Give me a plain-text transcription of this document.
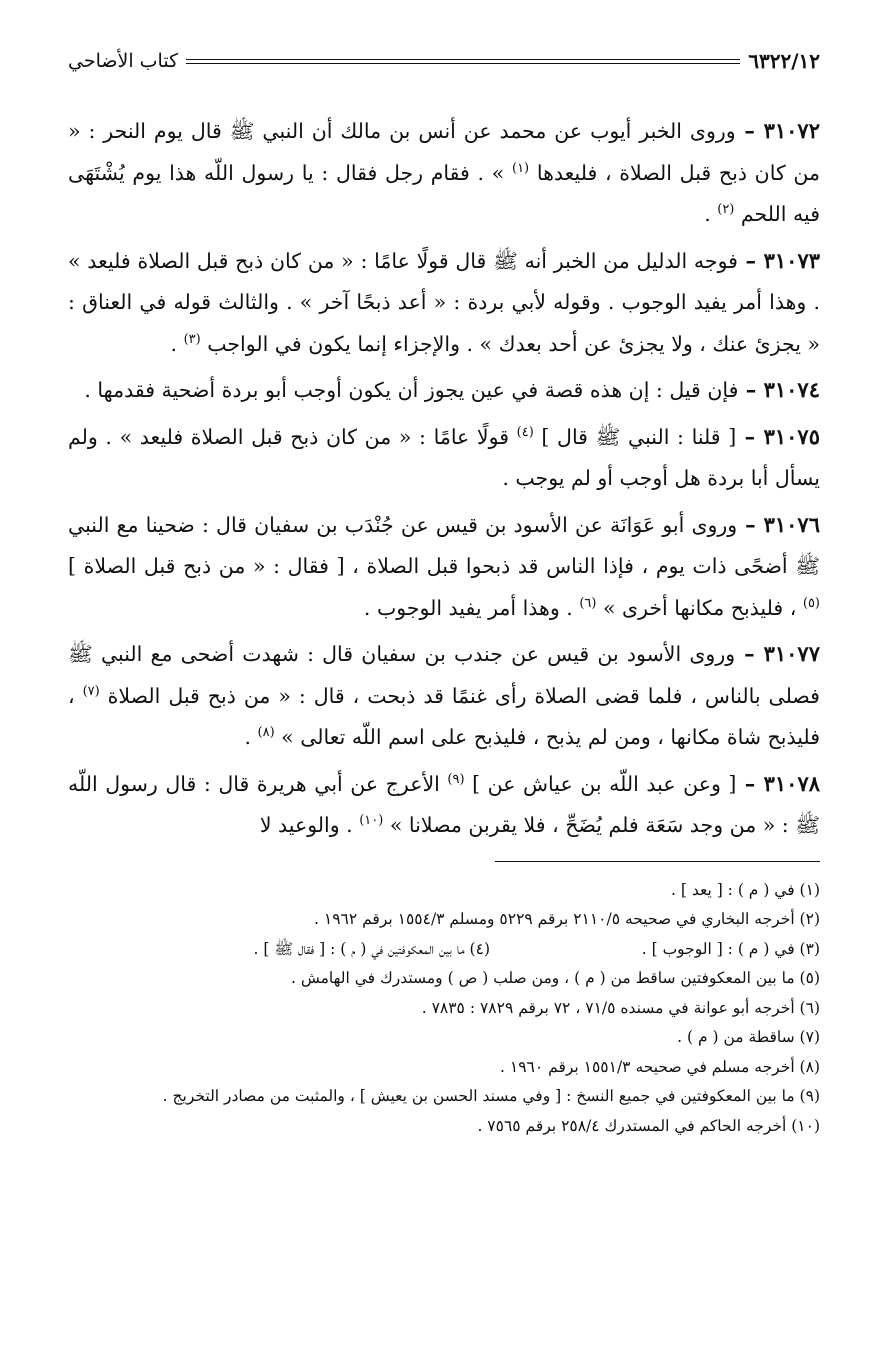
٦٣٢٢/١٢
كتاب الأضاحي

٣١٠٧٢ – وروى الخبر أيوب عن محمد عن أنس بن مالك أن النبي ﷺ قال يوم النحر : « من كان ذبح قبل الصلاة ، فليعدها $^{(١)}$ » . فقام رجل فقال : يا رسول اللّه هذا يوم يُشْتَهَى فيه اللحم $^{(٢)}$ .

٣١٠٧٣ – فوجه الدليل من الخبر أنه ﷺ قال قولًا عامًا : « من كان ذبح قبل الصلاة فليعد » . وهذا أمر يفيد الوجوب . وقوله لأبي بردة : « أعد ذبحًا آخر » . والثالث قوله في العناق : « يجزئ عنك ، ولا يجزئ عن أحد بعدك » . والإجزاء إنما يكون في الواجب $^{(٣)}$ .

٣١٠٧٤ – فإن قيل : إن هذه قصة في عين يجوز أن يكون أوجب أبو بردة أضحية فقدمها .

٣١٠٧٥ – [ قلنا : النبي ﷺ قال ] $^{(٤)}$ قولًا عامًا : « من كان ذبح قبل الصلاة فليعد » . ولم يسأل أبا بردة هل أوجب أو لم يوجب .

٣١٠٧٦ – وروى أبو عَوَانَة عن الأسود بن قيس عن جُنْدَب بن سفيان قال : ضحينا مع النبي ﷺ أضحًى ذات يوم ، فإذا الناس قد ذبحوا قبل الصلاة ، [ فقال : « من ذبح قبل الصلاة ] $^{(٥)}$ ، فليذبح مكانها أخرى » $^{(٦)}$ . وهذا أمر يفيد الوجوب .

٣١٠٧٧ – وروى الأسود بن قيس عن جندب بن سفيان قال : شهدت أضحى مع النبي ﷺ فصلى بالناس ، فلما قضى الصلاة رأى غنمًا قد ذبحت ، قال : « من ذبح قبل الصلاة $^{(٧)}$ ، فليذبح شاة مكانها ، ومن لم يذبح ، فليذبح على اسم اللّه تعالى » $^{(٨)}$ .

٣١٠٧٨ – [ وعن عبد اللّه بن عياش عن ] $^{(٩)}$ الأعرج عن أبي هريرة قال : قال رسول اللّه ﷺ : « من وجد سَعَة فلم يُضَحِّ ، فلا يقربن مصلانا » $^{(١٠)}$ . والوعيد لا

(١) في ( م ) : [ يعد ] .
(٢) أخرجه البخاري في صحيحه ٢١١٠/٥ برقم ٥٢٢٩ ومسلم ١٥٥٤/٣ برقم ١٩٦٢ .
(٣) في ( م ) : [ الوجوب ] .
(٤) ما بين المعكوفتين في ( م ) : [ فقال ﷺ ] .
(٥) ما بين المعكوفتين ساقط من ( م ) ، ومن صلب ( ص ) ومستدرك في الهامش .
(٦) أخرجه أبو عوانة في مسنده ٧١/٥ ، ٧٢ برقم ٧٨٢٩ : ٧٨٣٥ .
(٧) ساقطة من ( م ) .
(٨) أخرجه مسلم في صحيحه ١٥٥١/٣ برقم ١٩٦٠ .
(٩) ما بين المعكوفتين في جميع النسخ : [ وفي مسند الحسن بن يعيش ] ، والمثبت من مصادر التخريج .
(١٠) أخرجه الحاكم في المستدرك ٢٥٨/٤ برقم ٧٥٦٥ .
